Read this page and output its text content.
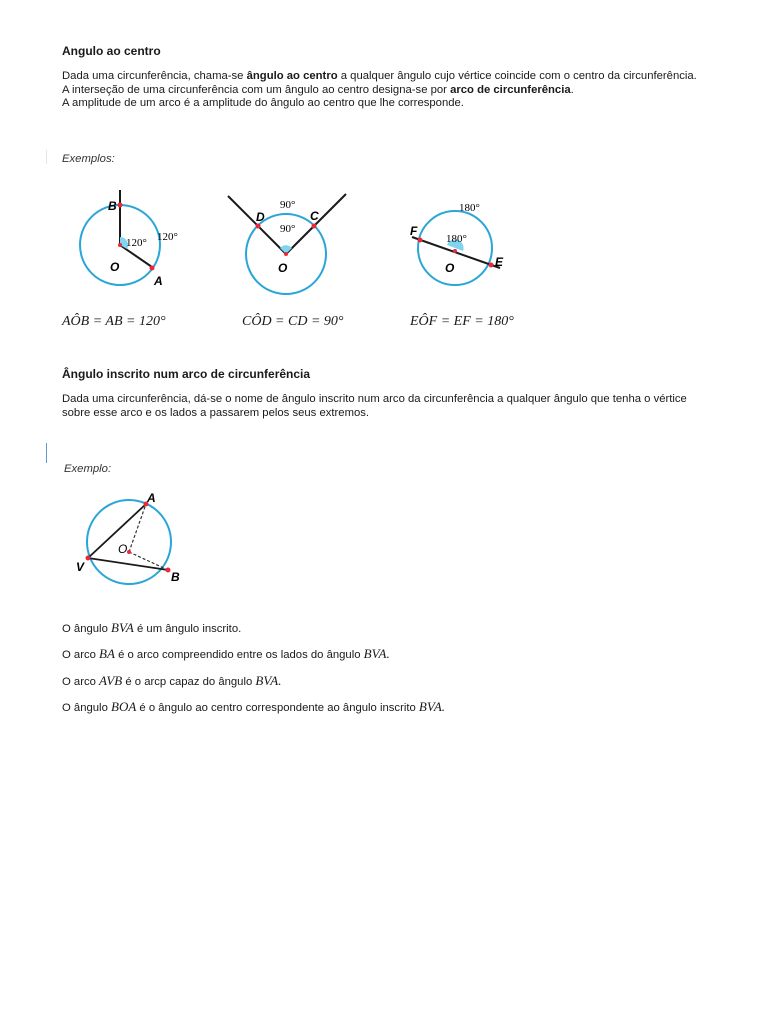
Angulo ao centro
Dada uma circunferência, chama-se ângulo ao centro a qualquer ângulo cujo vértice coincide com o centro da circunferência.
A interseção de uma circunferência com um ângulo ao centro designa-se por arco de circunferência.
A amplitude de um arco é a amplitude do ângulo ao centro que lhe corresponde.
Exemplos:
B
O
A
120° 120°
AÔB = AB = 120°
D	C
O
90°
90°
CÔD = CD = 90°
F
E
O
180°
180°
EÔF = EF = 180°
Ângulo inscrito num arco de circunferência
Dada uma circunferência, dá-se o nome de ângulo inscrito num arco da circunferência a qualquer ângulo que tenha o vértice
sobre esse arco e os lados a passarem pelos seus extremos.
Exemplo:
A
O
V
B
O ângulo BVA é um ângulo inscrito.
O arco BA é o arco compreendido entre os lados do ângulo BVA.
O arco AVB é o arcp capaz do ângulo BVA.
O ângulo BOA é o ângulo ao centro correspondente ao ângulo inscrito BVA.
